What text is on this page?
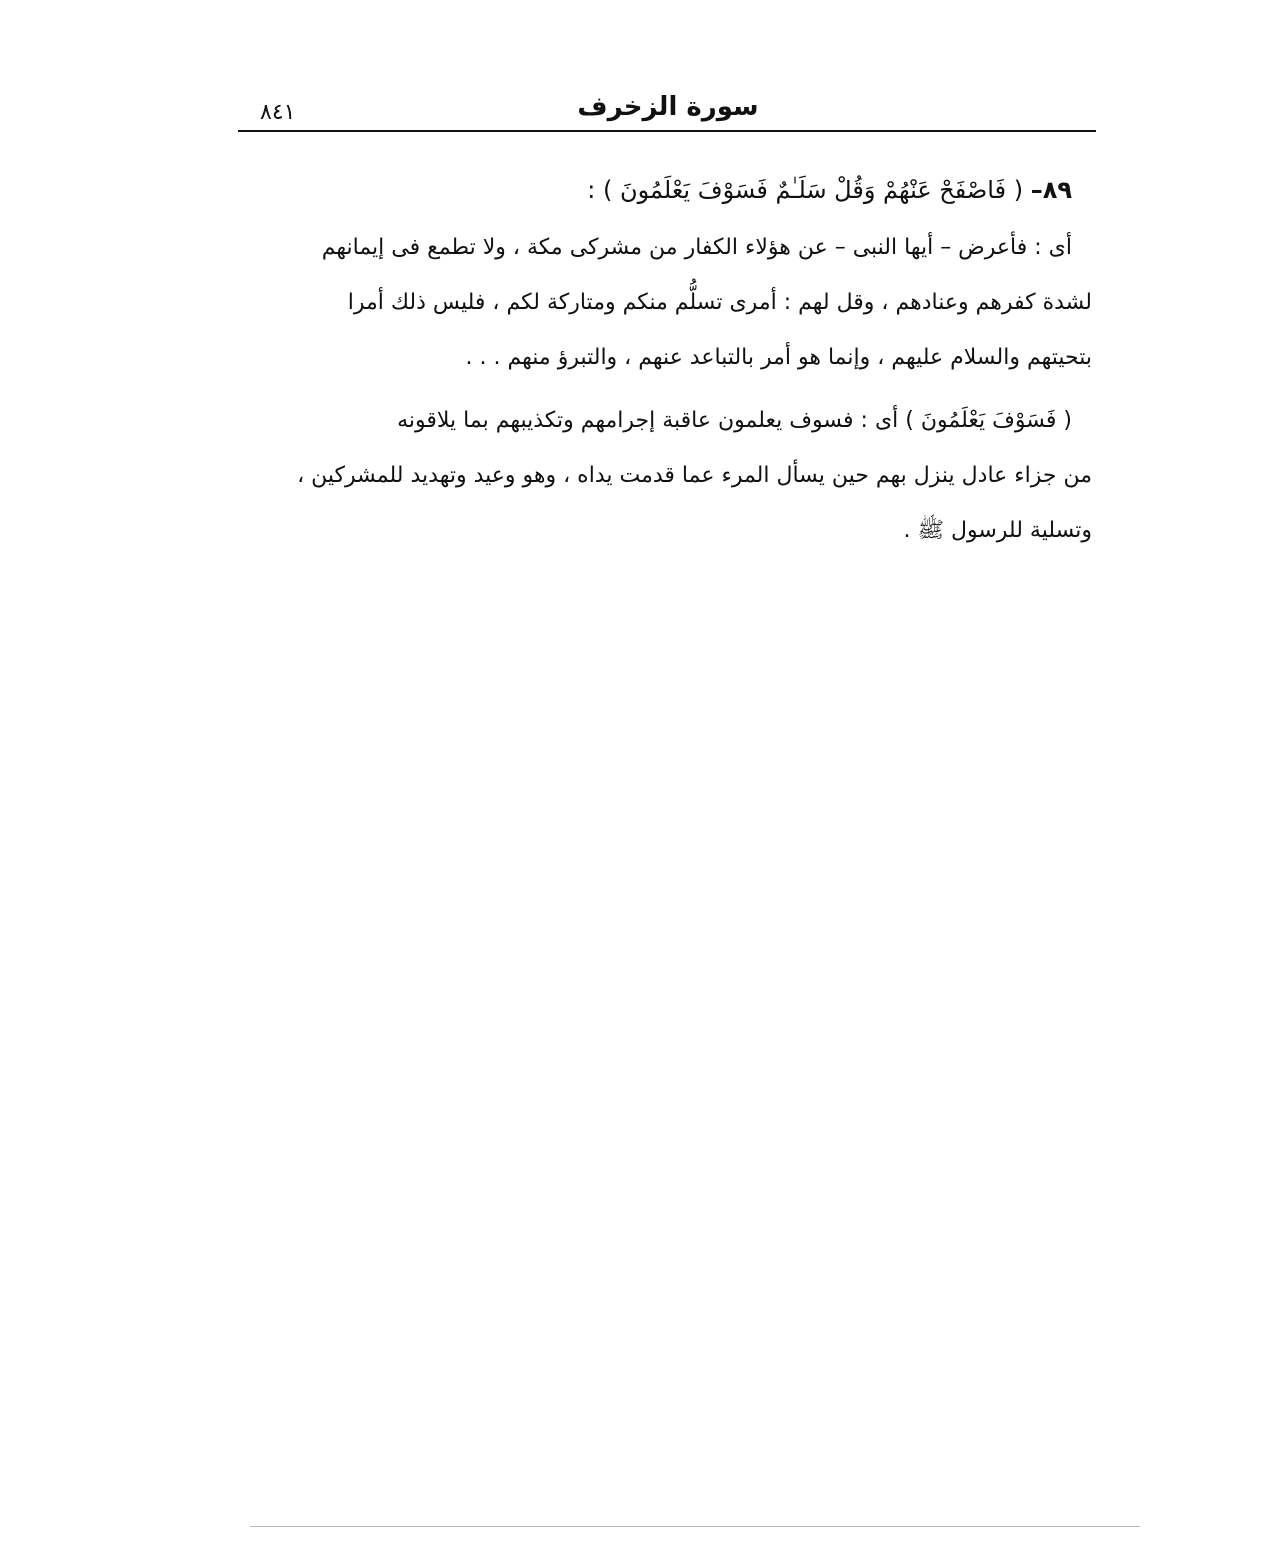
٨٤١	سورة الزخرف
٨٩– ( فَاصْفَحْ عَنْهُمْ وَقُلْ سَلَـٰمٌ فَسَوْفَ يَعْلَمُونَ ) :
أى : فأعرض – أيها النبى – عن هؤلاء الكفار من مشركى مكة ، ولا تطمع فى إيمانهم
لشدة كفرهم وعنادهم ، وقل لهم : أمرى تسلُّم منكم ومتاركة لكم ، فليس ذلك أمرا
بتحيتهم والسلام عليهم ، وإنما هو أمر بالتباعد عنهم ، والتبرؤ منهم . . .
( فَسَوْفَ يَعْلَمُونَ ) أى : فسوف يعلمون عاقبة إجرامهم وتكذيبهم بما يلاقونه
من جزاء عادل ينزل بهم حين يسأل المرء عما قدمت يداه ، وهو وعيد وتهديد للمشركين ،
وتسلية للرسول ﷺ .
